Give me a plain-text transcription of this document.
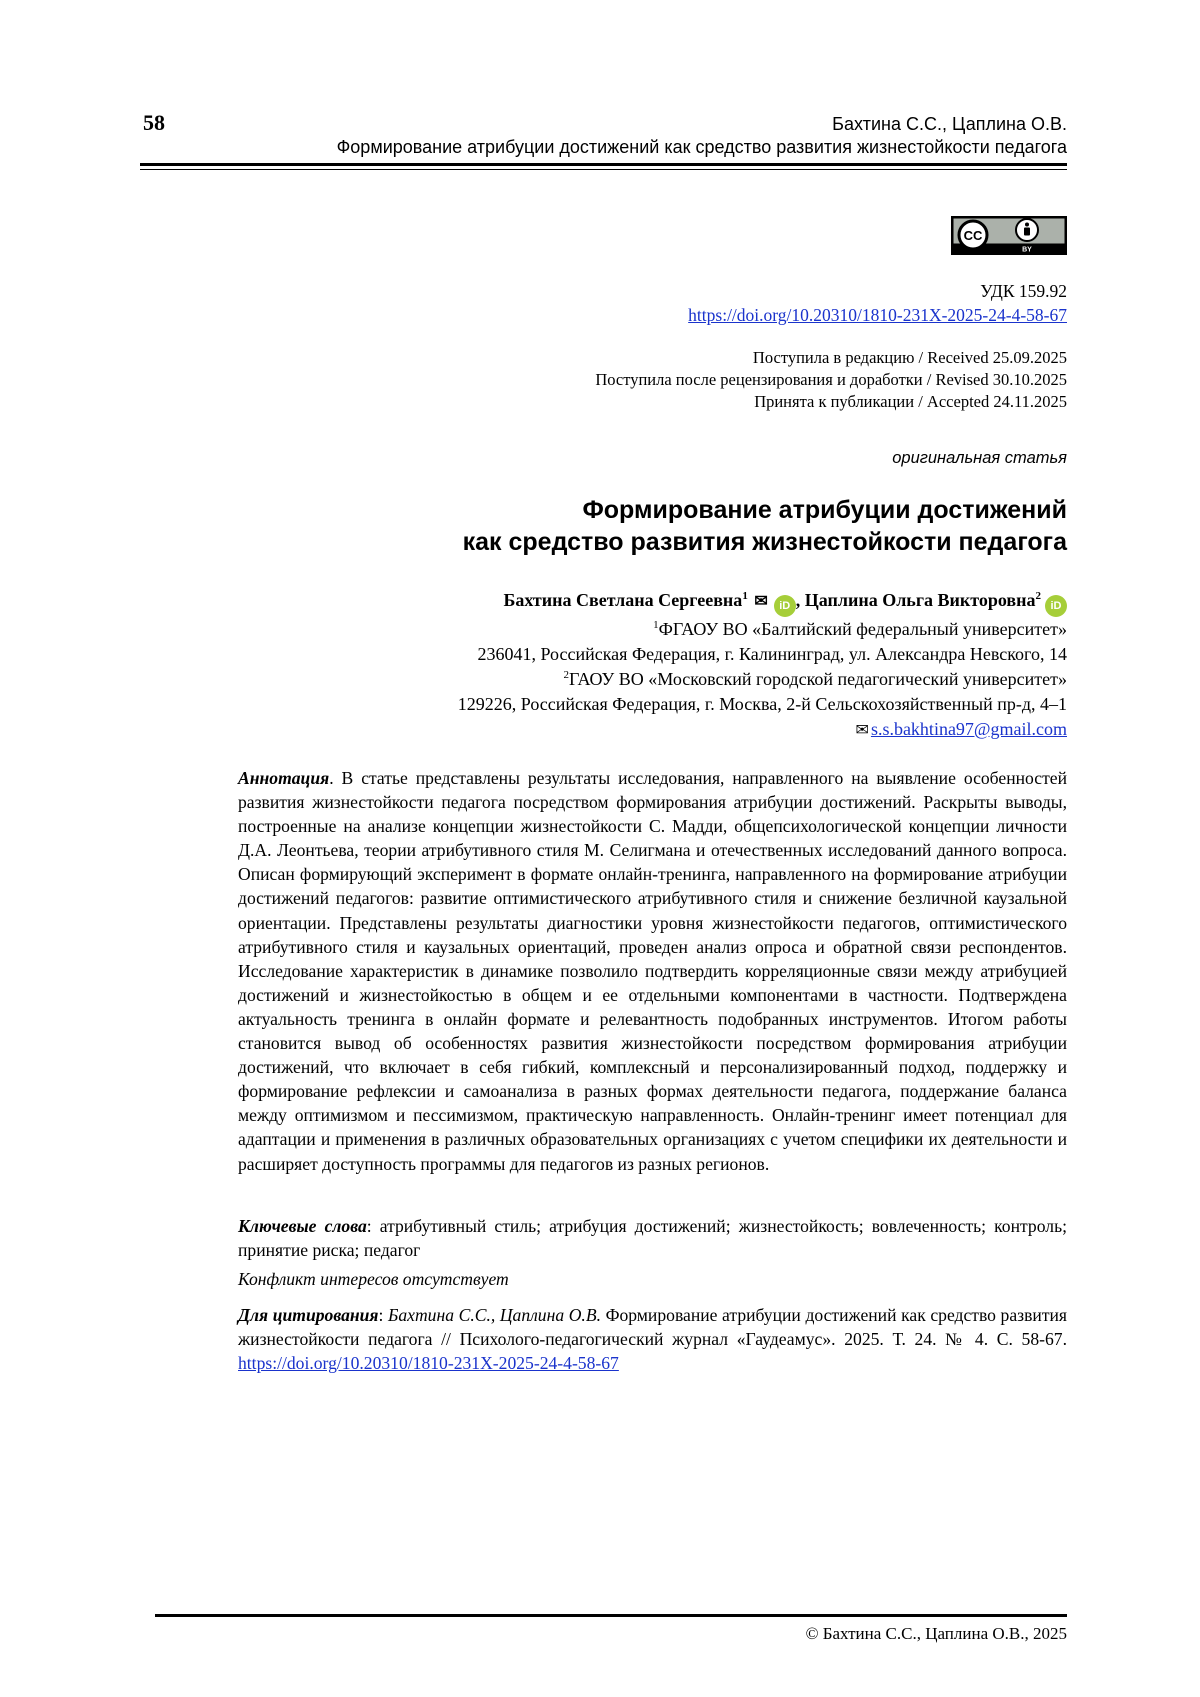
58	Бахтина С.С., Цаплина О.В.
Формирование атрибуции достижений как средство развития жизнестойкости педагога
CC
BY
УДК 159.92
https://doi.org/10.20310/1810-231X-2025-24-4-58-67
Поступила в редакцию / Received 25.09.2025
Поступила после рецензирования и доработки / Revised 30.10.2025
Принята к публикации / Accepted 24.11.2025
оригинальная статья
Формирование атрибуции достижений
как средство развития жизнестойкости педагога
Бахтина Светлана Сергеевна$^1$ ✉ iD , Цаплина Ольга Викторовна$^2$iD
$^1$ФГАОУ ВО «Балтийский федеральный университет»
236041, Российская Федерация, г. Калининград, ул. Александра Невского, 14
$^2$ГАОУ ВО «Московский городской педагогический университет»
129226, Российская Федерация, г. Москва, 2-й Сельскохозяйственный пр-д, 4–1
✉ s.s.bakhtina97@gmail.com
Аннотация. В статье представлены результаты исследования, направленного на выявление особенностей развития жизнестойкости педагога посредством формирования атрибуции достижений. Раскрыты выводы, построенные на анализе концепции жизнестойкости С. Мадди, общепсихологической концепции личности Д.А. Леонтьева, теории атрибутивного стиля М. Селигмана и отечественных исследований данного вопроса. Описан формирующий эксперимент в формате онлайн-тренинга, направленного на формирование атрибуции достижений педагогов: развитие оптимистического атрибутивного стиля и снижение безличной каузальной ориентации. Представлены результаты диагностики уровня жизнестойкости педагогов, оптимистического атрибутивного стиля и каузальных ориентаций, проведен анализ опроса и обратной связи респондентов. Исследование характеристик в динамике позволило подтвердить корреляционные связи между атрибуцией достижений и жизнестойкостью в общем и ее отдельными компонентами в частности. Подтверждена актуальность тренинга в онлайн формате и релевантность подобранных инструментов. Итогом работы становится вывод об особенностях развития жизнестойкости посредством формирования атрибуции достижений, что включает в себя гибкий, комплексный и персонализированный подход, поддержку и формирование рефлексии и самоанализа в разных формах деятельности педагога, поддержание баланса между оптимизмом и пессимизмом, практическую направленность. Онлайн-тренинг имеет потенциал для адаптации и применения в различных образовательных организациях с учетом специфики их деятельности и расширяет доступность программы для педагогов из разных регионов.
Ключевые слова: атрибутивный стиль; атрибуция достижений; жизнестойкость; вовлеченность; контроль; принятие риска; педагог
Конфликт интересов отсутствует
Для цитирования: Бахтина С.С., Цаплина О.В. Формирование атрибуции достижений как средство развития жизнестойкости педагога // Психолого-педагогический журнал «Гаудеамус». 2025. Т. 24. № 4. С. 58-67. https://doi.org/10.20310/1810-231X-2025-24-4-58-67
© Бахтина С.С., Цаплина О.В., 2025
